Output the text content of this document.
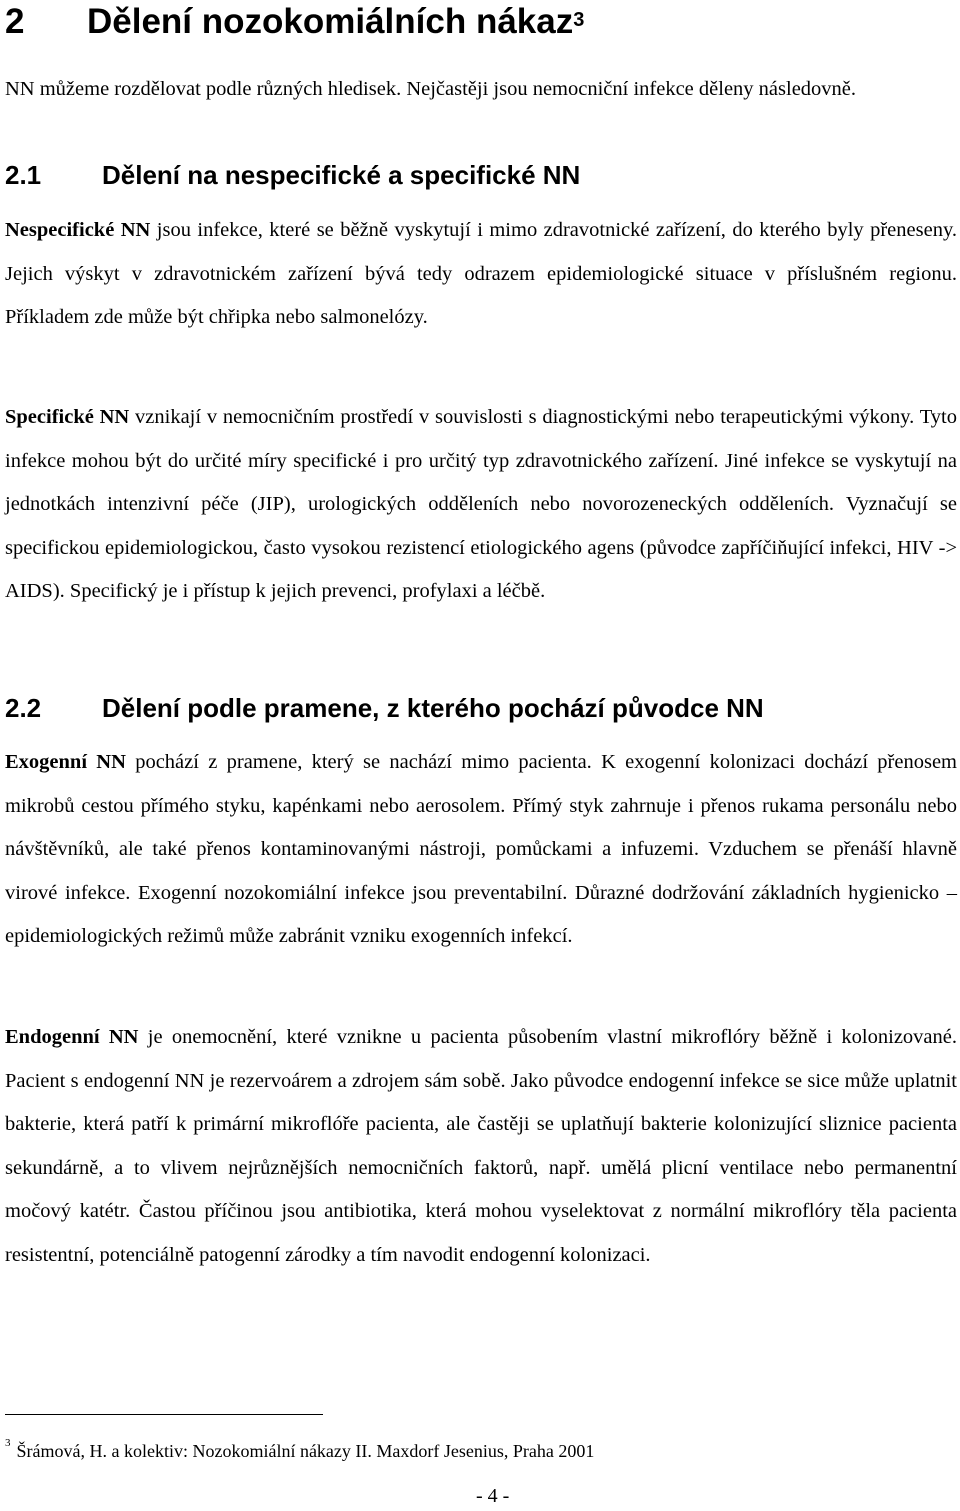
2 Dělení nozokomiálních nákaz$^3$

NN můžeme rozdělovat podle různých hledisek. Nejčastěji jsou nemocniční infekce děleny následovně.

2.1 Dělení na nespecifické a specifické NN

Nespecifické NN jsou infekce, které se běžně vyskytují i mimo zdravotnické zařízení, do kterého byly přeneseny. Jejich výskyt v zdravotnickém zařízení bývá tedy odrazem epidemiologické situace v příslušném regionu. Příkladem zde může být chřipka nebo salmonelózy.

Specifické NN vznikají v nemocničním prostředí v souvislosti s diagnostickými nebo terapeutickými výkony. Tyto infekce mohou být do určité míry specifické i pro určitý typ zdravotnického zařízení. Jiné infekce se vyskytují na jednotkách intenzivní péče (JIP), urologických odděleních nebo novorozeneckých odděleních. Vyznačují se specifickou epidemiologickou, často vysokou rezistencí etiologického agens (původce zapříčiňující infekci, HIV -> AIDS). Specifický je i přístup k jejich prevenci, profylaxi a léčbě.

2.2 Dělení podle pramene, z kterého pochází původce NN

Exogenní NN pochází z pramene, který se nachází mimo pacienta. K exogenní kolonizaci dochází přenosem mikrobů cestou přímého styku, kapénkami nebo aerosolem. Přímý styk zahrnuje i přenos rukama personálu nebo návštěvníků, ale také přenos kontaminovanými nástroji, pomůckami a infuzemi. Vzduchem se přenáší hlavně virové infekce. Exogenní nozokomiální infekce jsou preventabilní. Důrazné dodržování základních hygienicko – epidemiologických režimů může zabránit vzniku exogenních infekcí.

Endogenní NN je onemocnění, které vznikne u pacienta působením vlastní mikroflóry běžně i kolonizované. Pacient s endogenní NN je rezervoárem a zdrojem sám sobě. Jako původce endogenní infekce se sice může uplatnit bakterie, která patří k primární mikroflóře pacienta, ale častěji se uplatňují bakterie kolonizující sliznice pacienta sekundárně, a to vlivem nejrůznějších nemocničních faktorů, např. umělá plicní ventilace nebo permanentní močový katétr. Častou příčinou jsou antibiotika, která mohou vyselektovat z normální mikroflóry těla pacienta resistentní, potenciálně patogenní zárodky a tím navodit endogenní kolonizaci.

$^3$ Šrámová, H. a kolektiv: Nozokomiální nákazy II. Maxdorf Jesenius, Praha 2001
- 4 -
